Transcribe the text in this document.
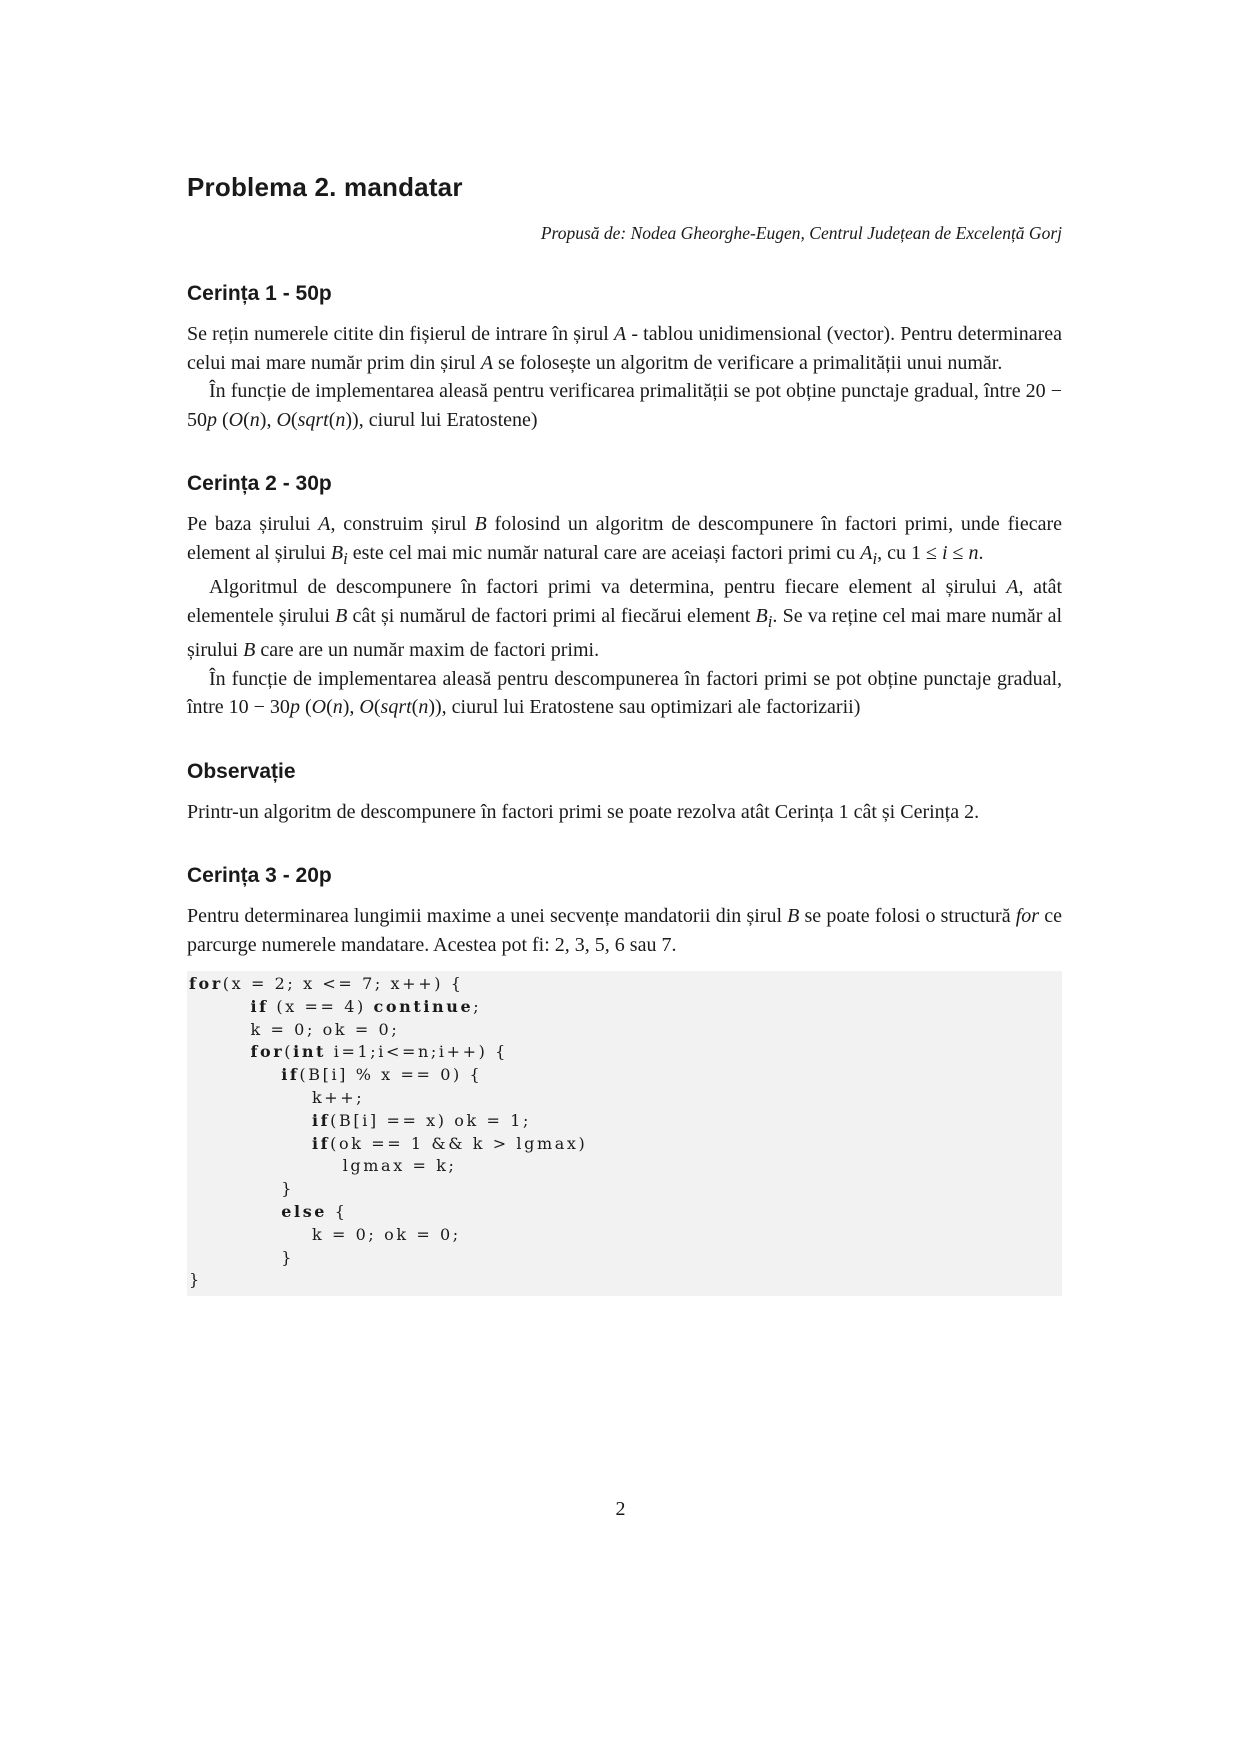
Problema 2. mandatar
Propusă de: Nodea Gheorghe-Eugen, Centrul Județean de Excelență Gorj
Cerința 1 - 50p

Se rețin numerele citite din fișierul de intrare în șirul A - tablou unidimensional (vector). Pentru determinarea celui mai mare număr prim din șirul A se folosește un algoritm de verificare a primalității unui număr.

În funcție de implementarea aleasă pentru verificarea primalității se pot obține punctaje gradual, între 20 − 50p (O(n), O(sqrt(n)), ciurul lui Eratostene)

Cerința 2 - 30p

Pe baza șirului A, construim șirul B folosind un algoritm de descompunere în factori primi, unde fiecare element al șirului $B_i$ este cel mai mic număr natural care are aceiași factori primi cu $A_i$, cu 1 ≤ i ≤ n.

Algoritmul de descompunere în factori primi va determina, pentru fiecare element al șirului A, atât elementele șirului B cât și numărul de factori primi al fiecărui element $B_i$. Se va reține cel mai mare număr al șirului B care are un număr maxim de factori primi.

În funcție de implementarea aleasă pentru descompunerea în factori primi se pot obține punctaje gradual, între 10 − 30p (O(n), O(sqrt(n)), ciurul lui Eratostene sau optimizari ale factorizarii)

Observație

Printr-un algoritm de descompunere în factori primi se poate rezolva atât Cerința 1 cât și Cerința 2.

Cerința 3 - 20p

Pentru determinarea lungimii maxime a unei secvențe mandatorii din șirul B se poate folosi o structură for ce parcurge numerele mandatare. Acestea pot fi: 2, 3, 5, 6 sau 7.

for(x = 2; x <= 7; x++) {
if (x == 4) continue;
k = 0; ok = 0;
for(int i=1;i<=n;i++) {
if(B[i] % x == 0) {
k++;
if(B[i] == x) ok = 1;
if(ok == 1 && k > lgmax)
lgmax = k;
}
else {
k = 0; ok = 0;
}
}
2
